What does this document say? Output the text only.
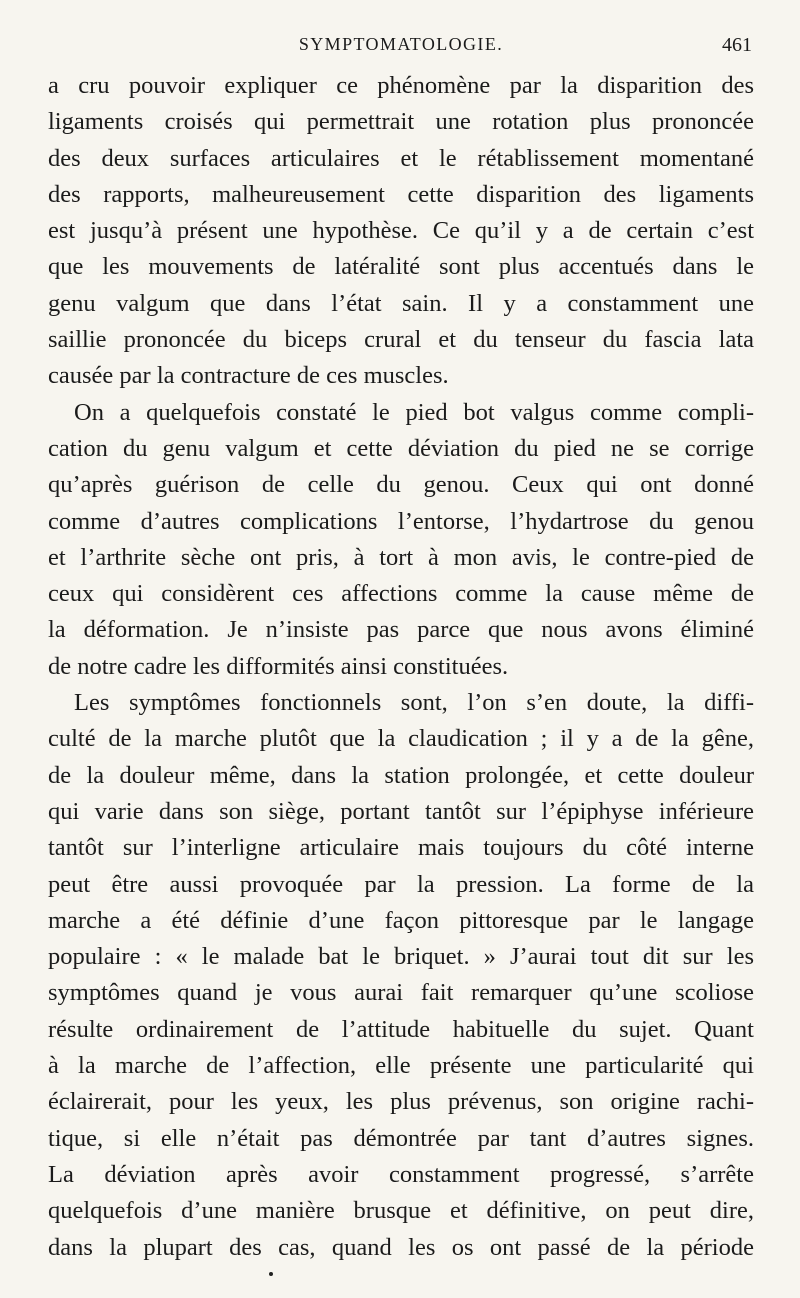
SYMPTOMATOLOGIE.	461

a cru pouvoir expliquer ce phénomène par la disparition des
ligaments croisés qui permettrait une rotation plus prononcée
des deux surfaces articulaires et le rétablissement momentané
des rapports, malheureusement cette disparition des ligaments
est jusqu’à présent une hypothèse. Ce qu’il y a de certain c’est
que les mouvements de latéralité sont plus accentués dans le
genu valgum que dans l’état sain. Il y a constamment une
saillie prononcée du biceps crural et du tenseur du fascia lata
causée par la contracture de ces muscles.

On a quelquefois constaté le pied bot valgus comme compli-
cation du genu valgum et cette déviation du pied ne se corrige
qu’après guérison de celle du genou. Ceux qui ont donné
comme d’autres complications l’entorse, l’hydartrose du genou
et l’arthrite sèche ont pris, à tort à mon avis, le contre-pied de
ceux qui considèrent ces affections comme la cause même de
la déformation. Je n’insiste pas parce que nous avons éliminé
de notre cadre les difformités ainsi constituées.

Les symptômes fonctionnels sont, l’on s’en doute, la diffi-
culté de la marche plutôt que la claudication ; il y a de la gêne,
de la douleur même, dans la station prolongée, et cette douleur
qui varie dans son siège, portant tantôt sur l’épiphyse inférieure
tantôt sur l’interligne articulaire mais toujours du côté interne
peut être aussi provoquée par la pression. La forme de la
marche a été définie d’une façon pittoresque par le langage
populaire : « le malade bat le briquet. » J’aurai tout dit sur les
symptômes quand je vous aurai fait remarquer qu’une scoliose
résulte ordinairement de l’attitude habituelle du sujet. Quant
à la marche de l’affection, elle présente une particularité qui
éclairerait, pour les yeux, les plus prévenus, son origine rachi-
tique, si elle n’était pas démontrée par tant d’autres signes.
La déviation après avoir constamment progressé, s’arrête
quelquefois d’une manière brusque et définitive, on peut dire,
dans la plupart des cas, quand les os ont passé de la période
